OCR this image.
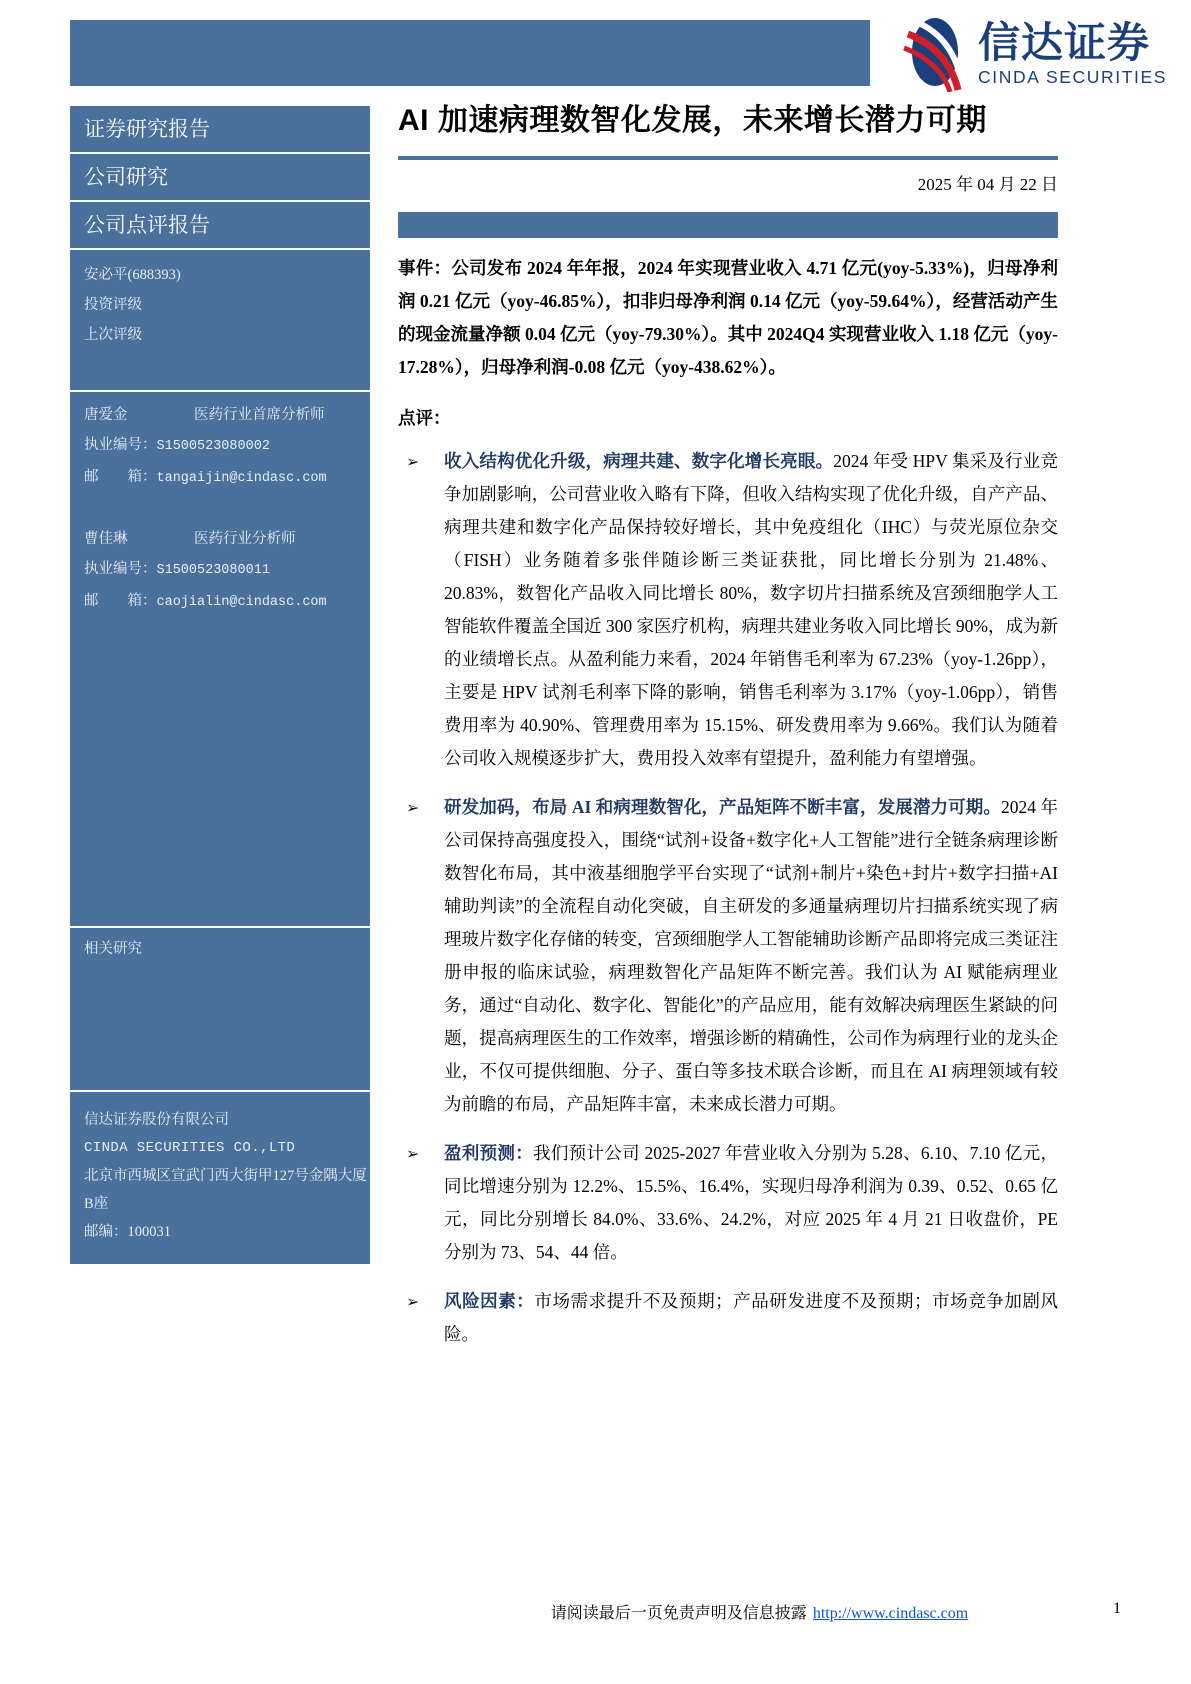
信达证券
CINDA SECURITIES
证券研究报告
公司研究
公司点评报告
安必平(688393)
投资评级
上次评级

唐爱金	医药行业首席分析师
执业编号：S1500523080002
邮　　箱：tangaijin@cindasc.com

曹佳琳	医药行业分析师
执业编号：S1500523080011
邮　　箱：caojialin@cindasc.com
相关研究

信达证券股份有限公司
CINDA SECURITIES CO.,LTD
北京市西城区宣武门西大街甲127号金隅大厦B座
邮编：100031
AI 加速病理数智化发展，未来增长潜力可期
2025 年 04 月 22 日

事件：公司发布 2024 年年报，2024 年实现营业收入 4.71 亿元(yoy-5.33%)，归母净利润 0.21 亿元（yoy-46.85%），扣非归母净利润 0.14 亿元（yoy-59.64%），经营活动产生的现金流量净额 0.04 亿元（yoy-79.30%）。其中 2024Q4 实现营业收入 1.18 亿元（yoy-17.28%），归母净利润-0.08 亿元（yoy-438.62%）。

点评：
➢ 收入结构优化升级，病理共建、数字化增长亮眼。2024 年受 HPV 集采及行业竞争加剧影响，公司营业收入略有下降，但收入结构实现了优化升级，自产产品、病理共建和数字化产品保持较好增长，其中免疫组化（IHC）与荧光原位杂交（FISH）业务随着多张伴随诊断三类证获批，同比增长分别为 21.48%、20.83%，数智化产品收入同比增长 80%，数字切片扫描系统及宫颈细胞学人工智能软件覆盖全国近 300 家医疗机构，病理共建业务收入同比增长 90%，成为新的业绩增长点。从盈利能力来看，2024 年销售毛利率为 67.23%（yoy-1.26pp），主要是 HPV 试剂毛利率下降的影响，销售毛利率为 3.17%（yoy-1.06pp），销售费用率为 40.90%、管理费用率为 15.15%、研发费用率为 9.66%。我们认为随着公司收入规模逐步扩大，费用投入效率有望提升，盈利能力有望增强。
➢ 研发加码，布局 AI 和病理数智化，产品矩阵不断丰富，发展潜力可期。2024 年公司保持高强度投入，围绕“试剂+设备+数字化+人工智能”进行全链条病理诊断数智化布局，其中液基细胞学平台实现了“试剂+制片+染色+封片+数字扫描+AI 辅助判读”的全流程自动化突破，自主研发的多通量病理切片扫描系统实现了病理玻片数字化存储的转变，宫颈细胞学人工智能辅助诊断产品即将完成三类证注册申报的临床试验，病理数智化产品矩阵不断完善。我们认为 AI 赋能病理业务，通过“自动化、数字化、智能化”的产品应用，能有效解决病理医生紧缺的问题，提高病理医生的工作效率，增强诊断的精确性，公司作为病理行业的龙头企业，不仅可提供细胞、分子、蛋白等多技术联合诊断，而且在 AI 病理领域有较为前瞻的布局，产品矩阵丰富，未来成长潜力可期。
➢ 盈利预测：我们预计公司 2025-2027 年营业收入分别为 5.28、6.10、7.10 亿元，同比增速分别为 12.2%、15.5%、16.4%，实现归母净利润为 0.39、0.52、0.65 亿元，同比分别增长 84.0%、33.6%、24.2%，对应 2025 年 4 月 21 日收盘价，PE 分别为 73、54、44 倍。
➢ 风险因素：市场需求提升不及预期；产品研发进度不及预期；市场竞争加剧风险。
请阅读最后一页免责声明及信息披露 http://www.cindasc.com	1
